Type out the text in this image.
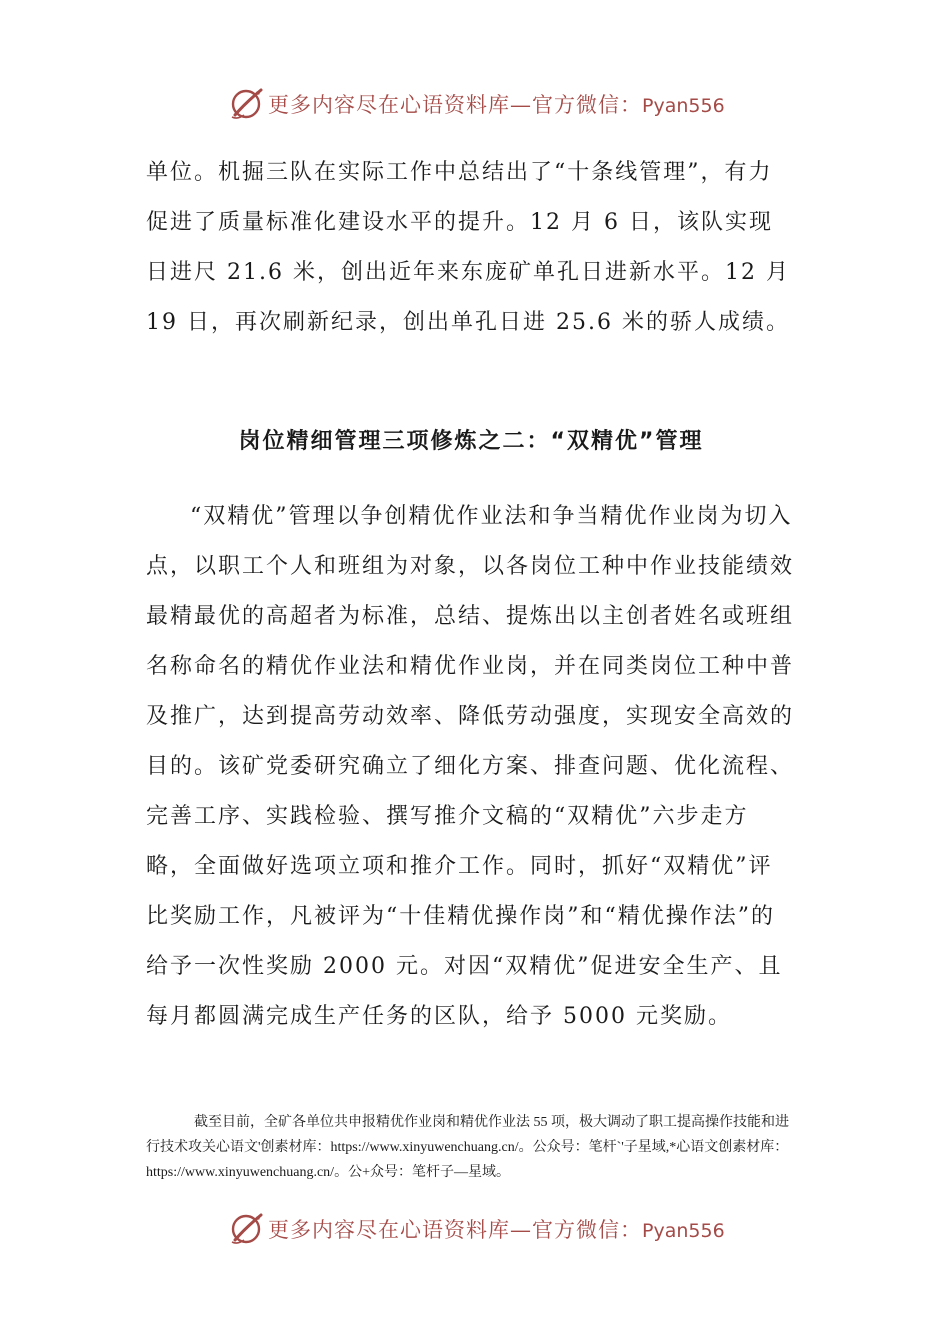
更多内容尽在心语资料库—官方微信：Pyan556

单位。机掘三队在实际工作中总结出了“十条线管理”，有力促进了质量标准化建设水平的提升。12 月 6 日，该队实现日进尺 21.6 米，创出近年来东庞矿单孔日进新水平。12 月 19 日，再次刷新纪录，创出单孔日进 25.6 米的骄人成绩。

岗位精细管理三项修炼之二：“双精优”管理

“双精优”管理以争创精优作业法和争当精优作业岗为切入点，以职工个人和班组为对象，以各岗位工种中作业技能绩效最精最优的高超者为标准，总结、提炼出以主创者姓名或班组名称命名的精优作业法和精优作业岗，并在同类岗位工种中普及推广，达到提高劳动效率、降低劳动强度，实现安全高效的目的。该矿党委研究确立了细化方案、排查问题、优化流程、完善工序、实践检验、撰写推介文稿的“双精优”六步走方略，全面做好选项立项和推介工作。同时，抓好“双精优”评比奖励工作，凡被评为“十佳精优操作岗”和“精优操作法”的给予一次性奖励 2000 元。对因“双精优”促进安全生产、且每月都圆满完成生产任务的区队，给予 5000 元奖励。

截至目前，全矿各单位共申报精优作业岗和精优作业法 55 项，极大调动了职工提高操作技能和进行技术攻关心语文'创素材库：https://www.xinyuwenchuang.cn/。公众号：笔杆`'子星域,*心语文创素材库：https://www.xinyuwenchuang.cn/。公+众号：笔杆子—星域。

更多内容尽在心语资料库—官方微信：Pyan556
